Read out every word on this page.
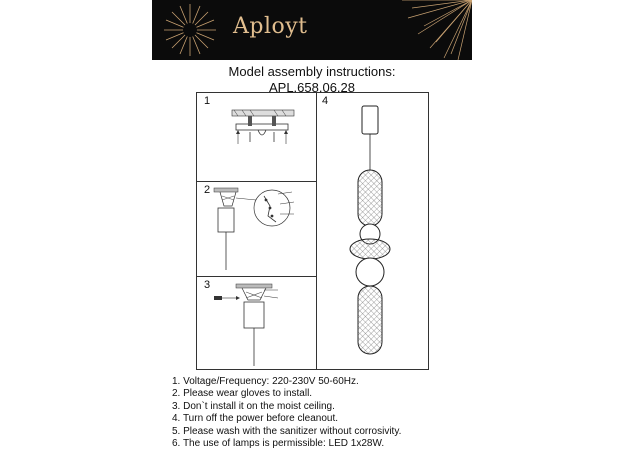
Aployt
Model assembly instructions:
APL.658.06.28
1
2
3
4
1. Voltage/Frequency: 220-230V 50-60Hz.
2. Please wear gloves to install.
3. Don`t install it on the moist ceiling.
4. Turn off the power before cleanout.
5. Please wash with the sanitizer without corrosivity.
6. The use of lamps is permissible: LED 1x28W.
